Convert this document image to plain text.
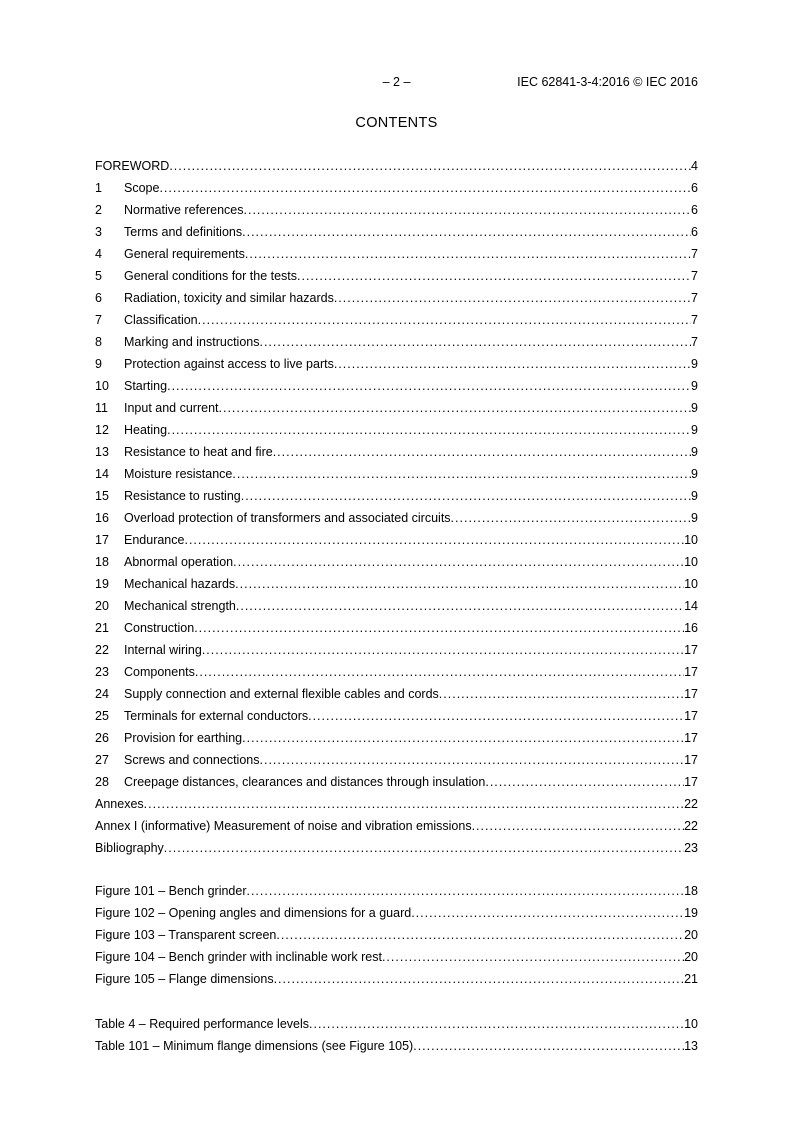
– 2 –	IEC 62841-3-4:2016 © IEC 2016
CONTENTS
FOREWORD .....	4
1	Scope .....	6
2	Normative references .....	6
3	Terms and definitions .....	6
4	General requirements .....	7
5	General conditions for the tests .....	7
6	Radiation, toxicity and similar hazards .....	7
7	Classification .....	7
8	Marking and instructions .....	7
9	Protection against access to live parts .....	9
10	Starting .....	9
11	Input and current .....	9
12	Heating .....	9
13	Resistance to heat and fire .....	9
14	Moisture resistance .....	9
15	Resistance to rusting .....	9
16	Overload protection of transformers and associated circuits .....	9
17	Endurance .....	10
18	Abnormal operation .....	10
19	Mechanical hazards .....	10
20	Mechanical strength .....	14
21	Construction .....	16
22	Internal wiring .....	17
23	Components .....	17
24	Supply connection and external flexible cables and cords .....	17
25	Terminals for external conductors .....	17
26	Provision for earthing .....	17
27	Screws and connections .....	17
28	Creepage distances, clearances and distances through insulation .....	17
Annexes .....	22
Annex I (informative) Measurement of noise and vibration emissions .....	22
Bibliography .....	23
Figure 101 – Bench grinder .....	18
Figure 102 – Opening angles and dimensions for a guard .....	19
Figure 103 – Transparent screen .....	20
Figure 104 – Bench grinder with inclinable work rest .....	20
Figure 105 – Flange dimensions .....	21
Table 4 – Required performance levels .....	10
Table 101 – Minimum flange dimensions (see Figure 105) .....	13
